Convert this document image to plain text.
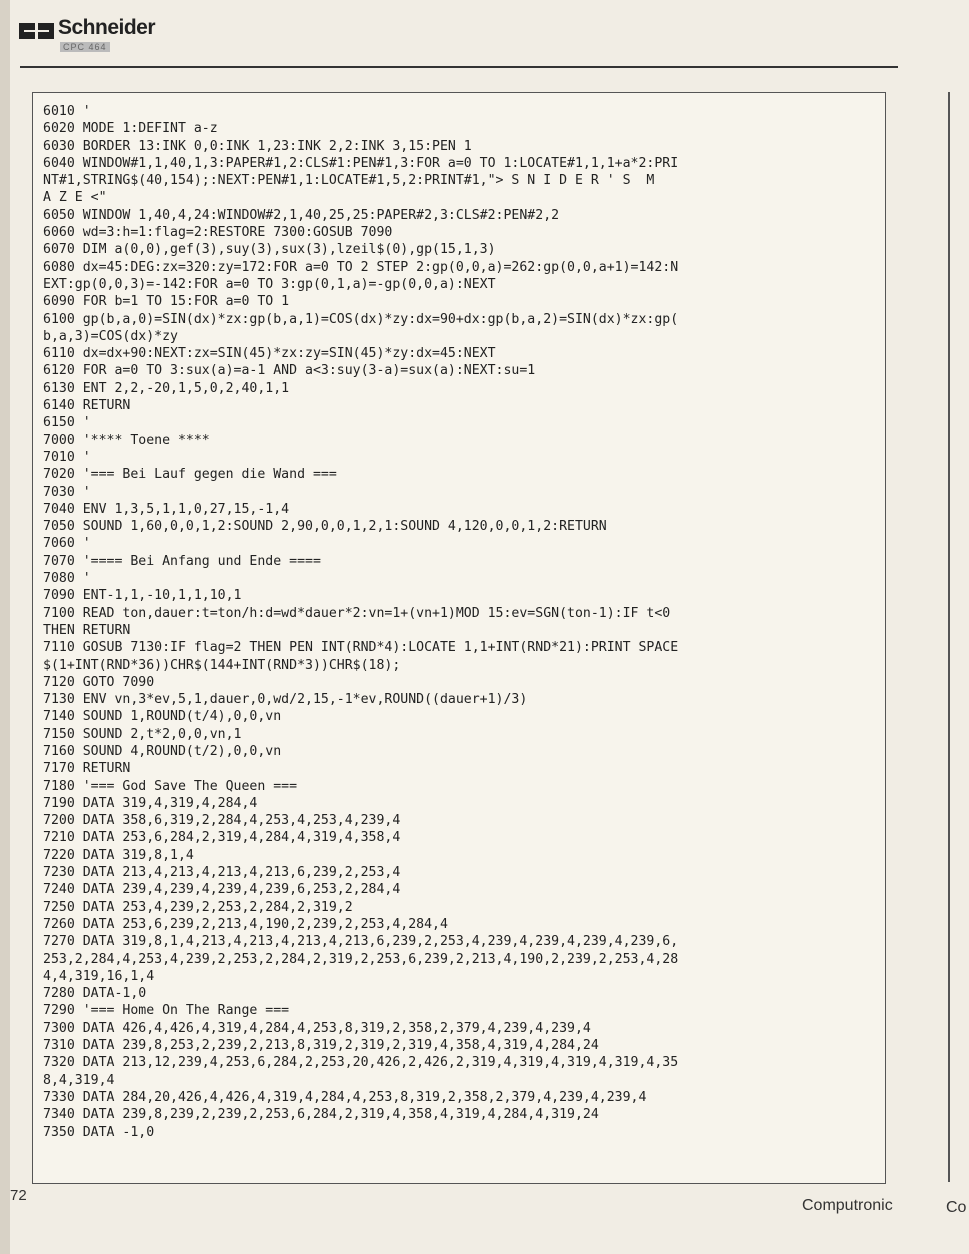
Schneider
CPC 464
6010 '
6020 MODE 1:DEFINT a-z
6030 BORDER 13:INK 0,0:INK 1,23:INK 2,2:INK 3,15:PEN 1
6040 WINDOW#1,1,40,1,3:PAPER#1,2:CLS#1:PEN#1,3:FOR a=0 TO 1:LOCATE#1,1,1+a*2:PRI
NT#1,STRING$(40,154);:NEXT:PEN#1,1:LOCATE#1,5,2:PRINT#1,"> S N I D E R ' S  M
A Z E <"
6050 WINDOW 1,40,4,24:WINDOW#2,1,40,25,25:PAPER#2,3:CLS#2:PEN#2,2
6060 wd=3:h=1:flag=2:RESTORE 7300:GOSUB 7090
6070 DIM a(0,0),gef(3),suy(3),sux(3),lzeil$(0),gp(15,1,3)
6080 dx=45:DEG:zx=320:zy=172:FOR a=0 TO 2 STEP 2:gp(0,0,a)=262:gp(0,0,a+1)=142:N
EXT:gp(0,0,3)=-142:FOR a=0 TO 3:gp(0,1,a)=-gp(0,0,a):NEXT
6090 FOR b=1 TO 15:FOR a=0 TO 1
6100 gp(b,a,0)=SIN(dx)*zx:gp(b,a,1)=COS(dx)*zy:dx=90+dx:gp(b,a,2)=SIN(dx)*zx:gp(
b,a,3)=COS(dx)*zy
6110 dx=dx+90:NEXT:zx=SIN(45)*zx:zy=SIN(45)*zy:dx=45:NEXT
6120 FOR a=0 TO 3:sux(a)=a-1 AND a<3:suy(3-a)=sux(a):NEXT:su=1
6130 ENT 2,2,-20,1,5,0,2,40,1,1
6140 RETURN
6150 '
7000 '**** Toene ****
7010 '
7020 '=== Bei Lauf gegen die Wand ===
7030 '
7040 ENV 1,3,5,1,1,0,27,15,-1,4
7050 SOUND 1,60,0,0,1,2:SOUND 2,90,0,0,1,2,1:SOUND 4,120,0,0,1,2:RETURN
7060 '
7070 '==== Bei Anfang und Ende ====
7080 '
7090 ENT-1,1,-10,1,1,10,1
7100 READ ton,dauer:t=ton/h:d=wd*dauer*2:vn=1+(vn+1)MOD 15:ev=SGN(ton-1):IF t<0
THEN RETURN
7110 GOSUB 7130:IF flag=2 THEN PEN INT(RND*4):LOCATE 1,1+INT(RND*21):PRINT SPACE
$(1+INT(RND*36))CHR$(144+INT(RND*3))CHR$(18);
7120 GOTO 7090
7130 ENV vn,3*ev,5,1,dauer,0,wd/2,15,-1*ev,ROUND((dauer+1)/3)
7140 SOUND 1,ROUND(t/4),0,0,vn
7150 SOUND 2,t*2,0,0,vn,1
7160 SOUND 4,ROUND(t/2),0,0,vn
7170 RETURN
7180 '=== God Save The Queen ===
7190 DATA 319,4,319,4,284,4
7200 DATA 358,6,319,2,284,4,253,4,253,4,239,4
7210 DATA 253,6,284,2,319,4,284,4,319,4,358,4
7220 DATA 319,8,1,4
7230 DATA 213,4,213,4,213,4,213,6,239,2,253,4
7240 DATA 239,4,239,4,239,4,239,6,253,2,284,4
7250 DATA 253,4,239,2,253,2,284,2,319,2
7260 DATA 253,6,239,2,213,4,190,2,239,2,253,4,284,4
7270 DATA 319,8,1,4,213,4,213,4,213,4,213,6,239,2,253,4,239,4,239,4,239,4,239,6,
253,2,284,4,253,4,239,2,253,2,284,2,319,2,253,6,239,2,213,4,190,2,239,2,253,4,28
4,4,319,16,1,4
7280 DATA-1,0
7290 '=== Home On The Range ===
7300 DATA 426,4,426,4,319,4,284,4,253,8,319,2,358,2,379,4,239,4,239,4
7310 DATA 239,8,253,2,239,2,213,8,319,2,319,2,319,4,358,4,319,4,284,24
7320 DATA 213,12,239,4,253,6,284,2,253,20,426,2,426,2,319,4,319,4,319,4,319,4,35
8,4,319,4
7330 DATA 284,20,426,4,426,4,319,4,284,4,253,8,319,2,358,2,379,4,239,4,239,4
7340 DATA 239,8,239,2,239,2,253,6,284,2,319,4,358,4,319,4,284,4,319,24
7350 DATA -1,0
72
Computronic	Co
